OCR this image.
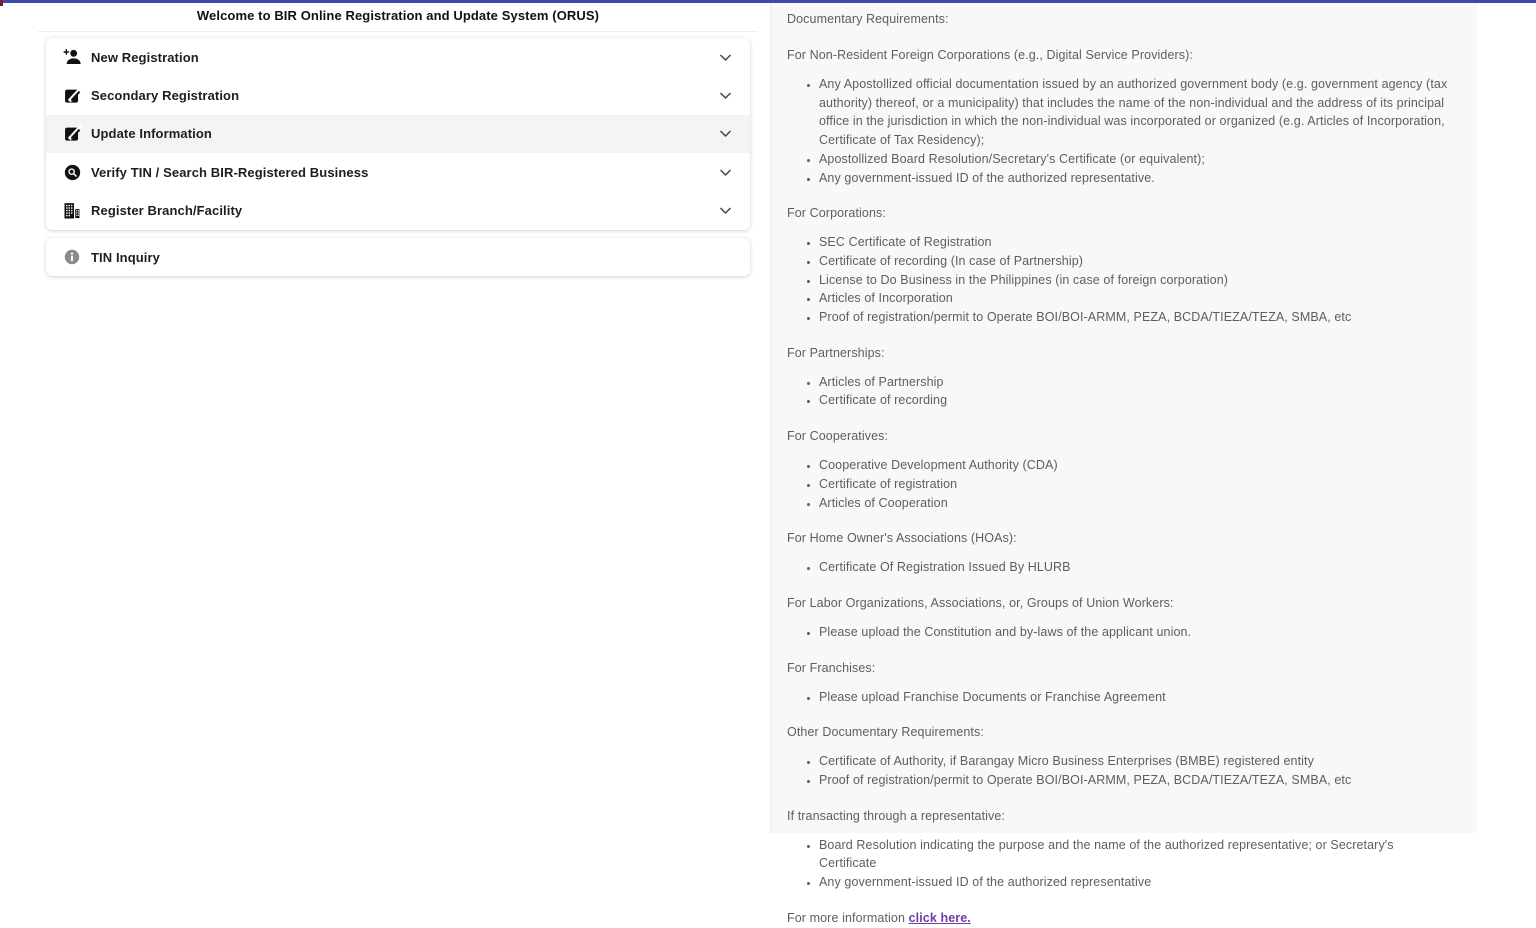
Welcome to BIR Online Registration and Update System (ORUS)
New Registration
Secondary Registration
Update Information
Verify TIN / Search BIR-Registered Business
Register Branch/Facility
TIN Inquiry
Documentary Requirements:
For Non-Resident Foreign Corporations (e.g., Digital Service Providers):
• Any Apostollized official documentation issued by an authorized government body (e.g. government agency (tax authority) thereof, or a municipality) that includes the name of the non-individual and the address of its principal office in the jurisdiction in which the non-individual was incorporated or organized (e.g. Articles of Incorporation, Certificate of Tax Residency);
• Apostollized Board Resolution/Secretary's Certificate (or equivalent);
• Any government-issued ID of the authorized representative.
For Corporations:
• SEC Certificate of Registration
• Certificate of recording (In case of Partnership)
• License to Do Business in the Philippines (in case of foreign corporation)
• Articles of Incorporation
• Proof of registration/permit to Operate BOI/BOI-ARMM, PEZA, BCDA/TIEZA/TEZA, SMBA, etc
For Partnerships:
• Articles of Partnership
• Certificate of recording
For Cooperatives:
• Cooperative Development Authority (CDA)
• Certificate of registration
• Articles of Cooperation
For Home Owner's Associations (HOAs):
• Certificate Of Registration Issued By HLURB
For Labor Organizations, Associations, or, Groups of Union Workers:
• Please upload the Constitution and by-laws of the applicant union.
For Franchises:
• Please upload Franchise Documents or Franchise Agreement
Other Documentary Requirements:
• Certificate of Authority, if Barangay Micro Business Enterprises (BMBE) registered entity
• Proof of registration/permit to Operate BOI/BOI-ARMM, PEZA, BCDA/TIEZA/TEZA, SMBA, etc
If transacting through a representative:
• Board Resolution indicating the purpose and the name of the authorized representative; or Secretary's Certificate
• Any government-issued ID of the authorized representative
For more information click here.
